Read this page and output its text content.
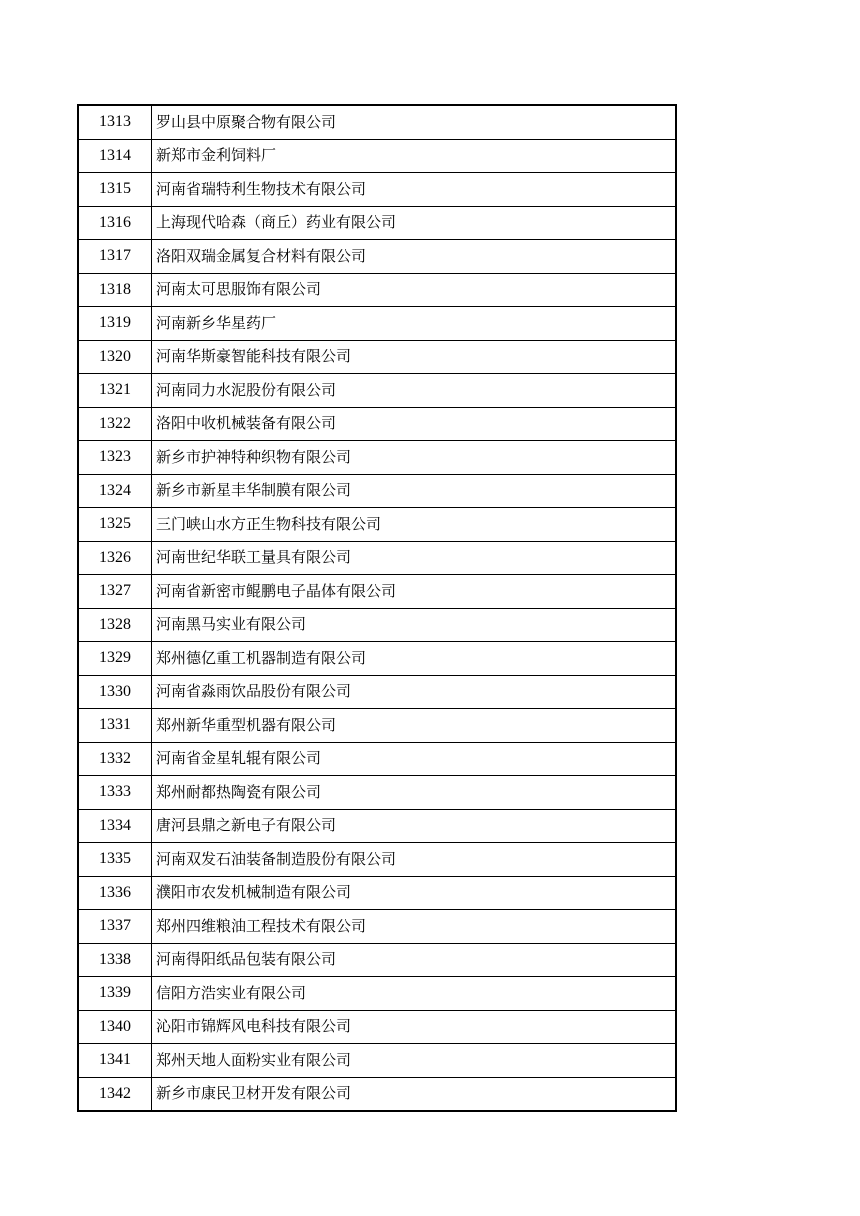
1313	罗山县中原聚合物有限公司
1314	新郑市金利饲料厂
1315	河南省瑞特利生物技术有限公司
1316	上海现代哈森（商丘）药业有限公司
1317	洛阳双瑞金属复合材料有限公司
1318	河南太可思服饰有限公司
1319	河南新乡华星药厂
1320	河南华斯豪智能科技有限公司
1321	河南同力水泥股份有限公司
1322	洛阳中收机械装备有限公司
1323	新乡市护神特种织物有限公司
1324	新乡市新星丰华制膜有限公司
1325	三门峡山水方正生物科技有限公司
1326	河南世纪华联工量具有限公司
1327	河南省新密市鲲鹏电子晶体有限公司
1328	河南黑马实业有限公司
1329	郑州德亿重工机器制造有限公司
1330	河南省淼雨饮品股份有限公司
1331	郑州新华重型机器有限公司
1332	河南省金星轧辊有限公司
1333	郑州耐都热陶瓷有限公司
1334	唐河县鼎之新电子有限公司
1335	河南双发石油装备制造股份有限公司
1336	濮阳市农发机械制造有限公司
1337	郑州四维粮油工程技术有限公司
1338	河南得阳纸品包装有限公司
1339	信阳方浩实业有限公司
1340	沁阳市锦辉风电科技有限公司
1341	郑州天地人面粉实业有限公司
1342	新乡市康民卫材开发有限公司
